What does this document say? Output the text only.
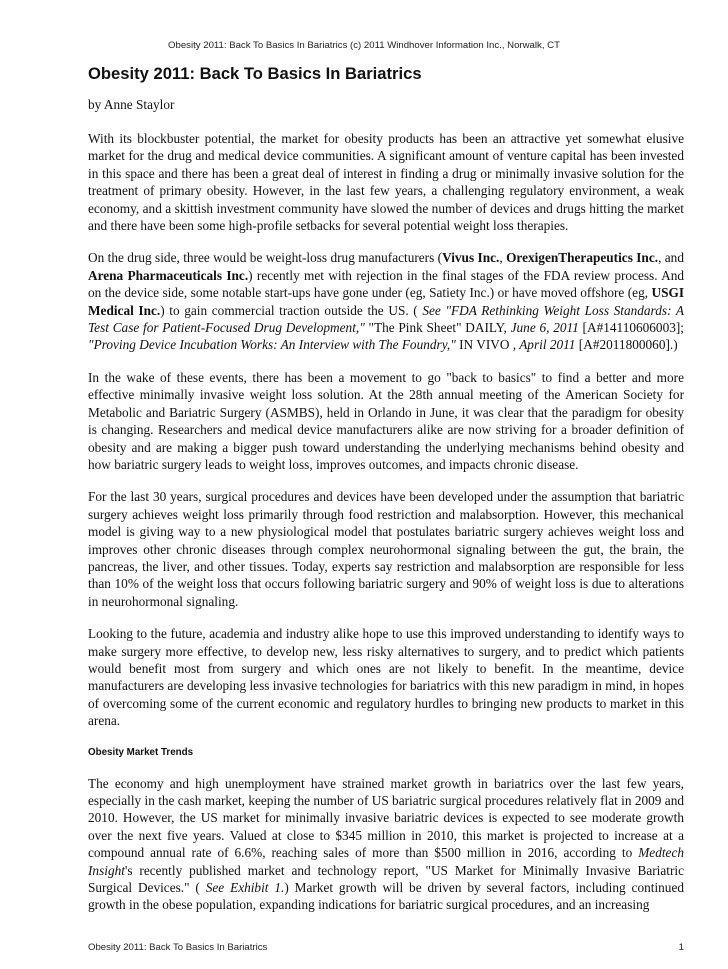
Obesity 2011: Back To Basics In Bariatrics (c) 2011 Windhover Information Inc., Norwalk, CT
Obesity 2011: Back To Basics In Bariatrics

by Anne Staylor

With its blockbuster potential, the market for obesity products has been an attractive yet somewhat elusive market for the drug and medical device communities. A significant amount of venture capital has been invested in this space and there has been a great deal of interest in finding a drug or minimally invasive solution for the treatment of primary obesity. However, in the last few years, a challenging regulatory environment, a weak economy, and a skittish investment community have slowed the number of devices and drugs hitting the market and there have been some high-profile setbacks for several potential weight loss therapies.

On the drug side, three would be weight-loss drug manufacturers (Vivus Inc., OrexigenTherapeutics Inc., and Arena Pharmaceuticals Inc.) recently met with rejection in the final stages of the FDA review process. And on the device side, some notable start-ups have gone under (eg, Satiety Inc.) or have moved offshore (eg, USGI Medical Inc.) to gain commercial traction outside the US. ( See "FDA Rethinking Weight Loss Standards: A Test Case for Patient-Focused Drug Development," "The Pink Sheet" DAILY, June 6, 2011 [A#14110606003]; "Proving Device Incubation Works: An Interview with The Foundry," IN VIVO , April 2011 [A#2011800060].)

In the wake of these events, there has been a movement to go "back to basics" to find a better and more effective minimally invasive weight loss solution. At the 28th annual meeting of the American Society for Metabolic and Bariatric Surgery (ASMBS), held in Orlando in June, it was clear that the paradigm for obesity is changing. Researchers and medical device manufacturers alike are now striving for a broader definition of obesity and are making a bigger push toward understanding the underlying mechanisms behind obesity and how bariatric surgery leads to weight loss, improves outcomes, and impacts chronic disease.

For the last 30 years, surgical procedures and devices have been developed under the assumption that bariatric surgery achieves weight loss primarily through food restriction and malabsorption. However, this mechanical model is giving way to a new physiological model that postulates bariatric surgery achieves weight loss and improves other chronic diseases through complex neurohormonal signaling between the gut, the brain, the pancreas, the liver, and other tissues. Today, experts say restriction and malabsorption are responsible for less than 10% of the weight loss that occurs following bariatric surgery and 90% of weight loss is due to alterations in neurohormonal signaling.

Looking to the future, academia and industry alike hope to use this improved understanding to identify ways to make surgery more effective, to develop new, less risky alternatives to surgery, and to predict which patients would benefit most from surgery and which ones are not likely to benefit. In the meantime, device manufacturers are developing less invasive technologies for bariatrics with this new paradigm in mind, in hopes of overcoming some of the current economic and regulatory hurdles to bringing new products to market in this arena.

Obesity Market Trends

The economy and high unemployment have strained market growth in bariatrics over the last few years, especially in the cash market, keeping the number of US bariatric surgical procedures relatively flat in 2009 and 2010. However, the US market for minimally invasive bariatric devices is expected to see moderate growth over the next five years. Valued at close to $345 million in 2010, this market is projected to increase at a compound annual rate of 6.6%, reaching sales of more than $500 million in 2016, according to Medtech Insight's recently published market and technology report, "US Market for Minimally Invasive Bariatric Surgical Devices." ( See Exhibit 1.) Market growth will be driven by several factors, including continued growth in the obese population, expanding indications for bariatric surgical procedures, and an increasing

Obesity 2011: Back To Basics In Bariatrics	1
